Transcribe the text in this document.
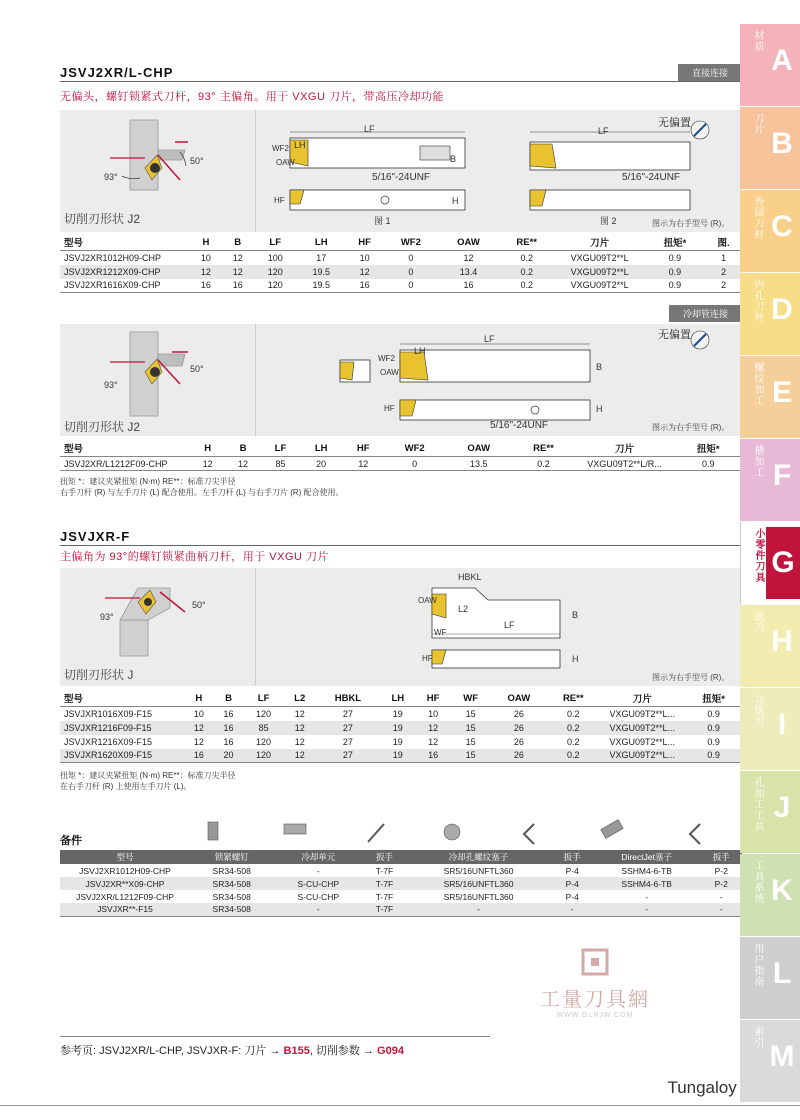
JSVJ2XR/L-CHP	直接连接
无偏头，螺钉锁紧式刀杆，93° 主偏角。用于 VXGU 刀片，带高压冷却功能
93°
50°
切削刃形状 J2
LF
LH
WF2
OAW	B
5/16"-24UNF
HF	H
图 1
LF
5/16"-24UNF
图 2
无偏置
图示为右手型号 (R)。
型号	H	B	LF	LH	HF	WF2	OAW	RE**	刀片	扭矩*	图.
JSVJ2XR1012H09-CHP	10	12	100	17	10	0	12	0.2	VXGU09T2**L	0.9	1
JSVJ2XR1212X09-CHP	12	12	120	19.5	12	0	13.4	0.2	VXGU09T2**L	0.9	2
JSVJ2XR1616X09-CHP	16	16	120	19.5	16	0	16	0.2	VXGU09T2**L	0.9	2
冷却管连接
93°
50°
切削刃形状 J2
LF
LH
WF2
OAW
B
HF	H
5/16"-24UNF
无偏置
图示为右手型号 (R)。
型号	H	B	LF	LH	HF	WF2	OAW	RE**	刀片	扭矩*
JSVJ2XR/L1212F09-CHP	12	12	85	20	12	0	13.5	0.2	VXGU09T2**L/R...	0.9
扭矩 *：建议夹紧扭矩 (N·m) RE**：标准刀尖半径
右手刀杆 (R) 与左手刀片 (L) 配合使用。左手刀杆 (L) 与右手刀片 (R) 配合使用。
JSVJXR-F
主偏角为 93°的螺钉锁紧曲柄刀杆，用于 VXGU 刀片
93°
50°
切削刃形状 J
HBKL
OAW
L2
LF
WF
B
HF	H
图示为右手型号 (R)。
型号	H	B	LF	L2	HBKL	LH	HF	WF	OAW	RE**	刀片	扭矩*
JSVJXR1016X09-F15	10	16	120	12	27	19	10	15	26	0.2	VXGU09T2**L...	0.9
JSVJXR1216F09-F15	12	16	85	12	27	19	12	15	26	0.2	VXGU09T2**L...	0.9
JSVJXR1216X09-F15	12	16	120	12	27	19	12	15	26	0.2	VXGU09T2**L...	0.9
JSVJXR1620X09-F15	16	20	120	12	27	19	16	15	26	0.2	VXGU09T2**L...	0.9
扭矩 *：建议夹紧扭矩 (N·m) RE**：标准刀尖半径
在右手刀杆 (R) 上使用左手刀片 (L)。
备件
型号	锁紧螺钉	冷却单元	扳手	冷却孔螺纹塞子	扳手	DirectJet塞子	扳手
JSVJ2XR1012H09-CHP	SR34-508	-	T-7F	SR5/16UNFTL360	P-4	SSHM4-6-TB	P-2
JSVJ2XR**X09-CHP	SR34-508	S-CU-CHP	T-7F	SR5/16UNFTL360	P-4	SSHM4-6-TB	P-2
JSVJ2XR/L1212F09-CHP	SR34-508	S-CU-CHP	T-7F	SR5/16UNFTL360	P-4	-	-
JSVJXR**-F15	SR34-508	-	T-7F	-	-	-	-
参考页: JSVJ2XR/L-CHP, JSVJXR-F: 刀片 → B155, 切削参数 → G094
工量刀具網
WWW.GLRJW.COM
Tungaloy
材质
A
刀片
B
外圆刀杆 C
内孔刀杆 D
螺纹加工 E
槽加工 F
小零件刀具 G
铣刀
H
立铣刀 I
孔加工工具 J
工具系统 K
用户指南 L
索引
M
